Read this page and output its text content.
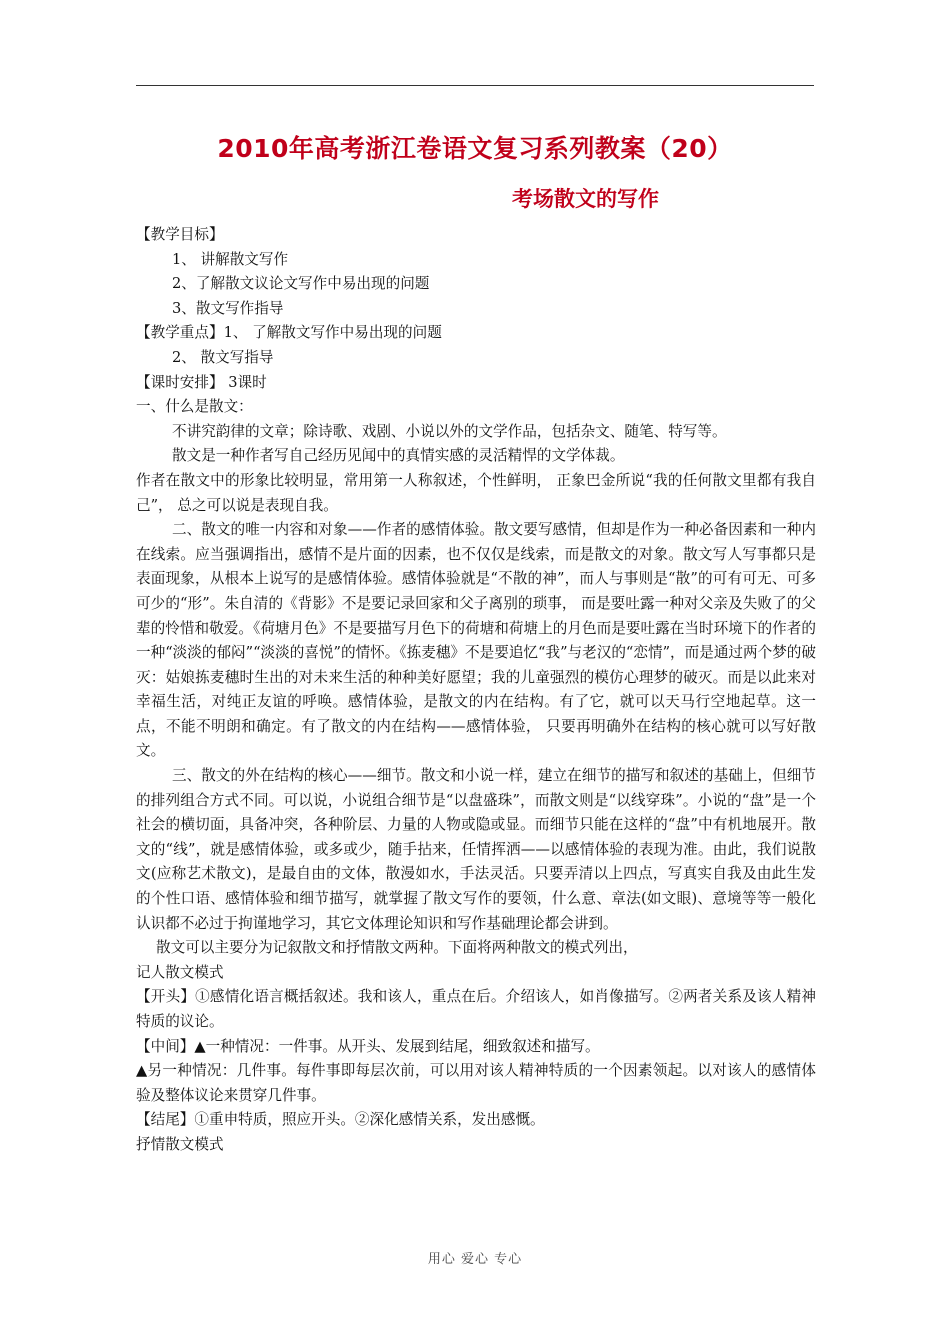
2010年高考浙江卷语文复习系列教案（20）
考场散文的写作
【教学目标】
1、 讲解散文写作
2、了解散文议论文写作中易出现的问题
3、散文写作指导
【教学重点】1、 了解散文写作中易出现的问题
2、 散文写指导
【课时安排】 3课时
一、什么是散文：
不讲究韵律的文章；除诗歌、戏剧、小说以外的文学作品，包括杂文、随笔、特写等。
散文是一种作者写自己经历见闻中的真情实感的灵活精悍的文学体裁。
作者在散文中的形象比较明显，常用第一人称叙述，个性鲜明， 正象巴金所说“我的任何散文里都有我自己”， 总之可以说是表现自我。
二、散文的唯一内容和对象——作者的感情体验。散文要写感情，但却是作为一种必备因素和一种内在线索。应当强调指出，感情不是片面的因素，也不仅仅是线索，而是散文的对象。散文写人写事都只是表面现象，从根本上说写的是感情体验。感情体验就是“不散的神”，而人与事则是“散”的可有可无、可多可少的“形”。朱自清的《背影》不是要记录回家和父子离别的琐事， 而是要吐露一种对父亲及失败了的父辈的怜惜和敬爱。《荷塘月色》不是要描写月色下的荷塘和荷塘上的月色而是要吐露在当时环境下的作者的一种“淡淡的郁闷”“淡淡的喜悦”的情怀。《拣麦穗》不是要追忆“我”与老汉的“恋情”，而是通过两个梦的破灭：姑娘拣麦穗时生出的对未来生活的种种美好愿望；我的儿童强烈的模仿心理梦的破灭。而是以此来对幸福生活，对纯正友谊的呼唤。感情体验，是散文的内在结构。有了它，就可以天马行空地起草。这一点，不能不明朗和确定。有了散文的内在结构——感情体验， 只要再明确外在结构的核心就可以写好散文。
三、散文的外在结构的核心——细节。散文和小说一样，建立在细节的描写和叙述的基础上，但细节的排列组合方式不同。可以说，小说组合细节是“以盘盛珠”，而散文则是“以线穿珠”。小说的“盘”是一个社会的横切面，具备冲突，各种阶层、力量的人物或隐或显。而细节只能在这样的“盘”中有机地展开。散文的“线”，就是感情体验，或多或少，随手拈来，任情挥洒——以感情体验的表现为准。由此，我们说散文(应称艺术散文)，是最自由的文体，散漫如水，手法灵活。只要弄清以上四点，写真实自我及由此生发的个性口语、感情体验和细节描写，就掌握了散文写作的要领，什么意、章法(如文眼)、意境等等一般化认识都不必过于拘谨地学习，其它文体理论知识和写作基础理论都会讲到。
散文可以主要分为记叙散文和抒情散文两种。下面将两种散文的模式列出，
记人散文模式
【开头】①感情化语言概括叙述。我和该人，重点在后。介绍该人，如肖像描写。②两者关系及该人精神特质的议论。
【中间】▲一种情况：一件事。从开头、发展到结尾，细致叙述和描写。
▲另一种情况：几件事。每件事即每层次前，可以用对该人精神特质的一个因素领起。以对该人的感情体验及整体议论来贯穿几件事。
【结尾】①重申特质，照应开头。②深化感情关系，发出感慨。
抒情散文模式
用心 爱心 专心
